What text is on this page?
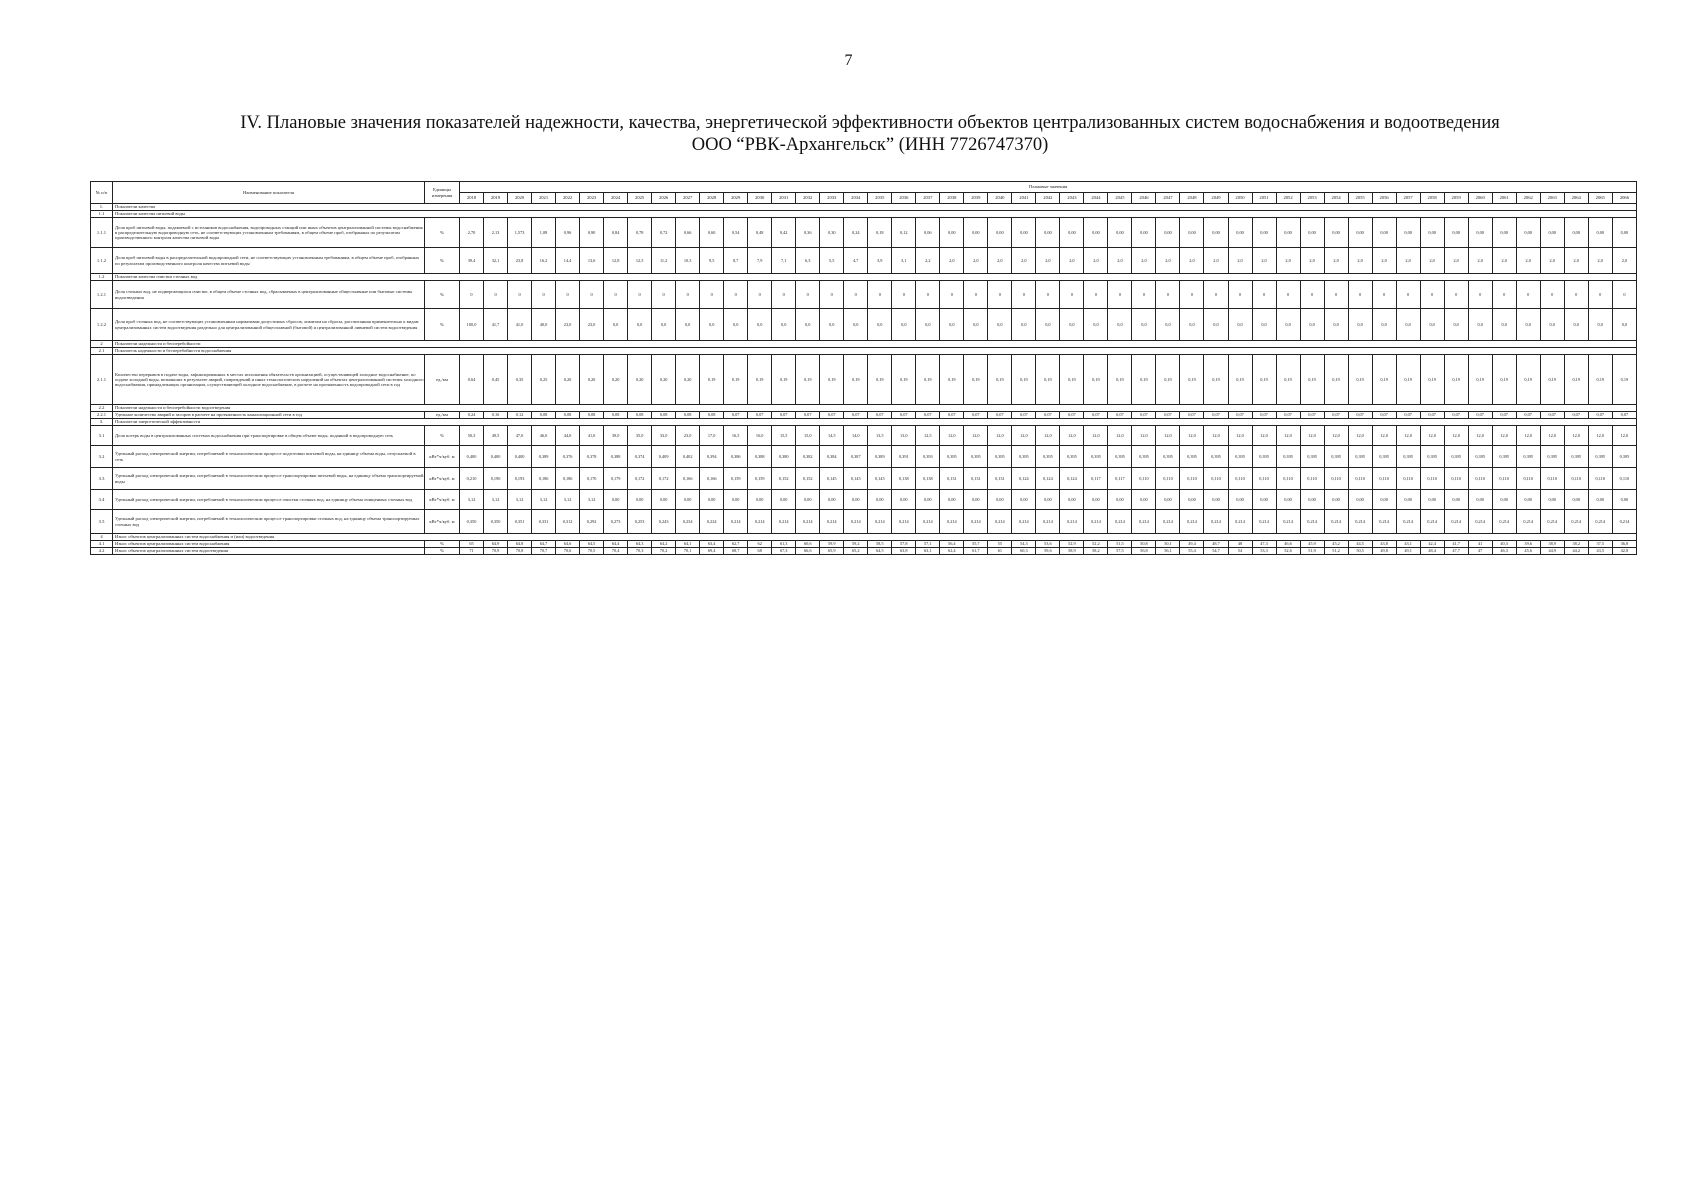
7
IV. Плановые значения показателей надежности, качества, энергетической эффективности объектов централизованных систем водоснабжения и водоотведения
ООО “РВК-Архангельск” (ИНН 7726747370)
№ п/п	Наименование показателя	Единицы измерения	Плановые значения																																																
			2018	2019	2020	2021	2022	2023	2024	2025	2026	2027	2028	2029	2030	2031	2032	2033	2034	2035	2036	2037	2038	2039	2040	2041	2042	2043	2044	2045	2046	2047	2048	2049	2050	2051	2052	2053	2054	2055	2056	2057	2058	2059	2060	2061	2062	2063	2064	2065	2066
1.	Показатели качества																																																		
1.1	Показатели качества питьевой воды																																																		
1.1.1	Доля проб питьевой воды, подаваемой с источников водоснабжения, водопроводных станций или иных объектов централизованной системы водоснабжения в распределительную водопроводную сеть, не соответствующих установленным требованиям, в общем объеме проб, отобранных по результатам производственного контроля качества питьевой воды	%	2,70	2,13	1,573	1,08	0,96	0,90	0,84	0,78	0,72	0,66	0,60	0,54	0,48	0,42	0,36	0,30	0,24	0,18	0,12	0,06	0,00	0,00	0,00	0,00	0,00	0,00	0,00	0,00	0,00	0,00	0,00	0,00	0,00	0,00	0,00	0,00	0,00	0,00	0,00	0,00	0,00	0,00	0,00	0,00	0,00	0,00	0,00	0,00	0,00
1.1.2	Доля проб питьевой воды в распределительной водопроводной сети, не соответствующих установленным требованиям, в общем объеме проб, отобранных по результатам производственного контроля качества питьевой воды	%	39,4	32,1	23,8	16,2	14,4	13,6	12,8	12,5	11,2	10,3	9,5	8,7	7,9	7,1	6,3	5,5	4,7	3,9	3,1	2,2	2,0	2,0	2,0	2,0	2,0	2,0	2,0	2,0	2,0	2,0	2,0	2,0	2,0	2,0	2,0	2,0	2,0	2,0	2,0	2,0	2,0	2,0	2,0	2,0	2,0	2,0	2,0	2,0	2,0
1.2	Показатели качества очистки сточных вод																																																		
1.2.1	Доля сточных вод, не подвергающихся очистке, в общем объеме сточных вод, сбрасываемых в централизованные общесплавные или бытовые системы водоотведения	%	0	0	0	0	0	0	0	0	0	0	0	0	0	0	0	0	0	0	0	0	0	0	0	0	0	0	0	0	0	0	0	0	0	0	0	0	0	0	0	0	0	0	0	0	0	0	0	0	0
1.2.2	Доля проб сточных вод, не соответствующих установленным нормативам допустимых сбросов, лимитам на сбросы, рассчитанная применительно к видам централизованных систем водоотведения раздельно для централизованной общесплавной (бытовой) и централизованной ливневой систем водоотведения	%	100,0	41,7	41,0	40,0	23,0	23,0	0,0	0,0	0,0	0,0	0,0	0,0	0,0	0,0	0,0	0,0	0,0	0,0	0,0	0,0	0,0	0,0	0,0	0,0	0,0	0,0	0,0	0,0	0,0	0,0	0,0	0,0	0,0	0,0	0,0	0,0	0,0	0,0	0,0	0,0	0,0	0,0	0,0	0,0	0,0	0,0	0,0	0,0	0,0
2	Показатели надежности и бесперебойности																																																		
2.1	Показатель надежности и бесперебойности водоснабжения																																																		
2.1.1	Количество перерывов в подаче воды, зафиксированных в местах исполнения обязательств организацией, осуществляющей холодное водоснабжение, по подаче холодной воды, возникших в результате аварий, повреждений и иных технологических нарушений на объектах централизованной системы холодного водоснабжения, принадлежащих организации, осуществляющей холодное водоснабжение, в расчете на протяженность водопроводной сети в год	ед./км	0,64	0,45	0,35	0,25	0,20	0,20	0,20	0,20	0,20	0,20	0,19	0,19	0,19	0,19	0,19	0,19	0,19	0,19	0,19	0,19	0,19	0,19	0,19	0,19	0,19	0,19	0,19	0,19	0,19	0,19	0,19	0,19	0,19	0,19	0,19	0,19	0,19	0,19	0,19	0,19	0,19	0,19	0,19	0,19	0,19	0,19	0,19	0,19	0,19
2.2	Показатели надежности и бесперебойности водоотведения																																																		
2.2.1	Удельное количество аварий и засоров в расчете на протяженность канализационной сети в год	ед./км	0,24	0,16	0,12	0,08	0,08	0,08	0,08	0,08	0,08	0,08	0,08	0,07	0,07	0,07	0,07	0,07	0,07	0,07	0,07	0,07	0,07	0,07	0,07	0,07	0,07	0,07	0,07	0,07	0,07	0,07	0,07	0,07	0,07	0,07	0,07	0,07	0,07	0,07	0,07	0,07	0,07	0,07	0,07	0,07	0,07	0,07	0,07	0,07	0,07
3.	Показатели энергетической эффективности																																																		
3.1	Доля потерь воды в централизованных системах водоснабжения при транспортировке в общем объеме воды, поданной в водопроводную сеть	%	50,3	49,5	47,0	46,0	44,0	41,0	39,0	35,0	33,0	23,0	17,0	16,5	16,0	15,5	15,0	14,5	14,0	13,5	13,0	12,5	12,0	12,0	12,0	12,0	12,0	12,0	12,0	12,0	12,0	12,0	12,0	12,0	12,0	12,0	12,0	12,0	12,0	12,0	12,0	12,0	12,0	12,0	12,0	12,0	12,0	12,0	12,0	12,0	12,0
3.2	Удельный расход электрической энергии, потребляемой в технологическом процессе подготовки питьевой воды, на единицу объема воды, отпускаемой в сеть	кВт*ч/куб. м	0,400	0,400	0,400	0,389	0,376	0,378	0,388	0,374	0,409	0,402	0,394	0,386	0,388	0,380	0,382	0,384	0,387	0,389	0,391	0,393	0,395	0,395	0,395	0,395	0,395	0,395	0,395	0,395	0,395	0,395	0,395	0,395	0,395	0,395	0,395	0,395	0,395	0,395	0,395	0,395	0,395	0,395	0,395	0,395	0,395	0,395	0,395	0,395	0,395
3.3	Удельный расход электрической энергии, потребляемой в технологическом процессе транспортировки питьевой воды, на единицу объема транспортируемой воды	кВт*ч/куб. м	0,210	0,190	0,193	0,186	0,186	0,170	0,179	0,172	0,172	0,166	0,166	0,159	0,159	0,152	0,152	0,145	0,145	0,145	0,138	0,138	0,131	0,131	0,131	0,124	0,124	0,124	0,117	0,117	0,110	0,110	0,110	0,110	0,110	0,110	0,110	0,110	0,110	0,110	0,110	0,110	0,110	0,110	0,110	0,110	0,110	0,110	0,110	0,110	0,110
3.4	Удельный расход электрической энергии, потребляемой в технологическом процессе очистки сточных вод, на единицу объема очищенных сточных вод	кВт*ч/куб. м	3,12	3,12	3,12	3,12	3,12	3,12	0,00	0,00	0,00	0,00	0,00	0,00	0,00	0,00	0,00	0,00	0,00	0,00	0,00	0,00	0,00	0,00	0,00	0,00	0,00	0,00	0,00	0,00	0,00	0,00	0,00	0,00	0,00	0,00	0,00	0,00	0,00	0,00	0,00	0,00	0,00	0,00	0,00	0,00	0,00	0,00	0,00	0,00	0,00
3.5	Удельный расход электрической энергии, потребляемой в технологическом процессе транспортировки сточных вод, на единицу объема транспортируемых сточных вод	кВт*ч/куб. м	0,350	0,350	0,351	0,331	0,312	0,292	0,273	0,253	0,243	0,234	0,224	0,214	0,214	0,214	0,214	0,214	0,214	0,214	0,214	0,214	0,214	0,214	0,214	0,214	0,214	0,214	0,214	0,214	0,214	0,214	0,214	0,214	0,214	0,214	0,214	0,214	0,214	0,214	0,214	0,214	0,214	0,214	0,214	0,214	0,214	0,214	0,214	0,214	0,214
4	Износ объектов централизованных систем водоснабжения и (или) водоотведения																																																		
4.1	Износ объектов централизованных систем водоснабжения	%	65	64,9	64,8	64,7	64,6	64,5	64,4	64,3	64,2	64,1	63,4	62,7	62	61,3	60,6	59,9	59,2	58,5	57,8	57,1	56,4	55,7	55	54,3	53,6	52,9	52,2	51,5	50,8	50,1	49,4	48,7	48	47,3	46,6	45,9	45,2	44,5	43,8	43,1	42,4	41,7	41	40,3	39,6	38,9	38,2	37,5	36,8
4.2	Износ объектов централизованных систем водоотведения	%	71	70,9	70,8	70,7	70,6	70,5	70,4	70,3	70,2	70,1	69,4	68,7	68	67,3	66,6	65,9	65,2	64,5	63,8	63,1	62,4	61,7	61	60,3	59,6	58,9	58,2	57,5	56,8	56,1	55,4	54,7	54	53,3	52,6	51,9	51,2	50,5	49,8	49,1	48,4	47,7	47	46,3	45,6	44,9	44,2	43,5	42,8
